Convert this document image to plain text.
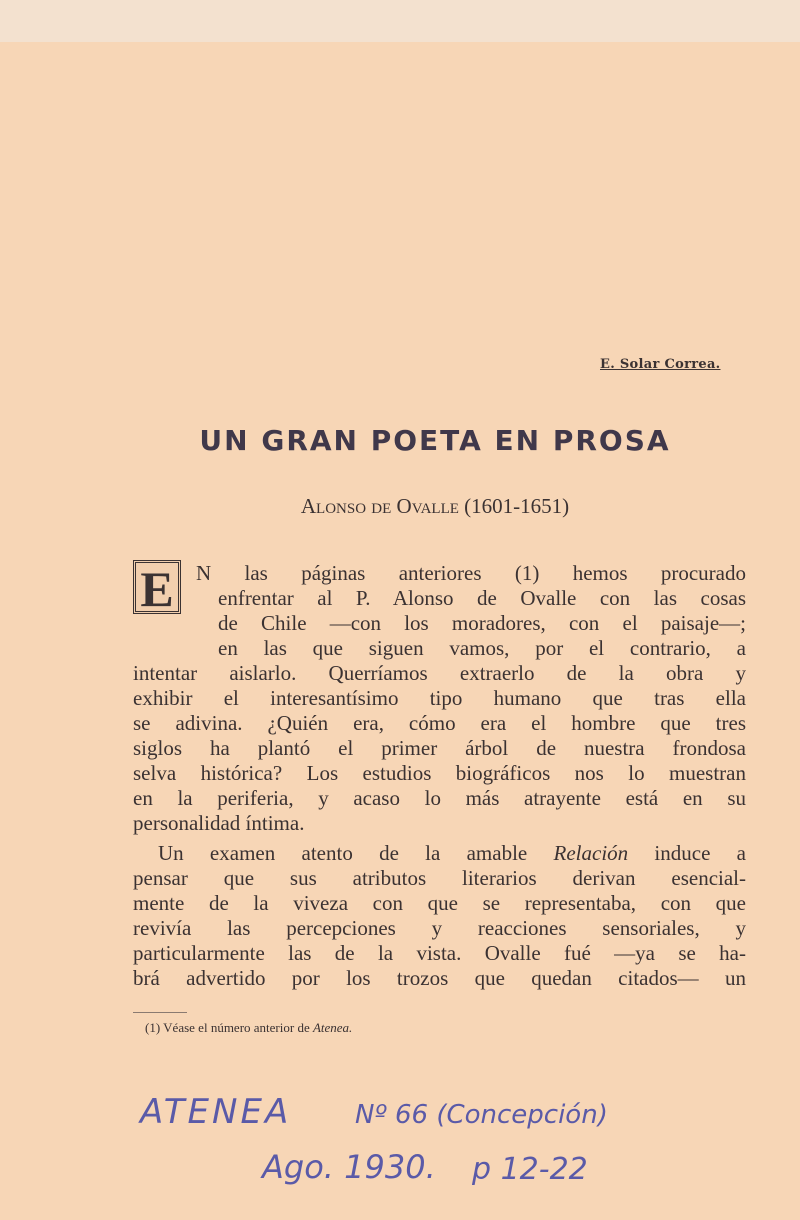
E. Solar Correa.
UN GRAN POETA EN PROSA
Alonso de Ovalle (1601-1651)
E	N las páginas anteriores (1) hemos procurado
enfrentar al P. Alonso de Ovalle con las cosas
de Chile —con los moradores, con el paisaje—;
en las que siguen vamos, por el contrario, a
intentar aislarlo. Querríamos extraerlo de la obra y
exhibir el interesantísimo tipo humano que tras ella
se adivina. ¿Quién era, cómo era el hombre que tres
siglos ha plantó el primer árbol de nuestra frondosa
selva histórica? Los estudios biográficos nos lo muestran
en la periferia, y acaso lo más atrayente está en su
personalidad íntima.
Un examen atento de la amable Relación induce a
pensar que sus atributos literarios derivan esencial-
mente de la viveza con que se representaba, con que
revivía las percepciones y reacciones sensoriales, y
particularmente las de la vista. Ovalle fué —ya se ha-
brá advertido por los trozos que quedan citados— un
(1) Véase el número anterior de Atenea.
ATENEA Nº 66 (Concepción)
Ago. 1930. p 12-22
